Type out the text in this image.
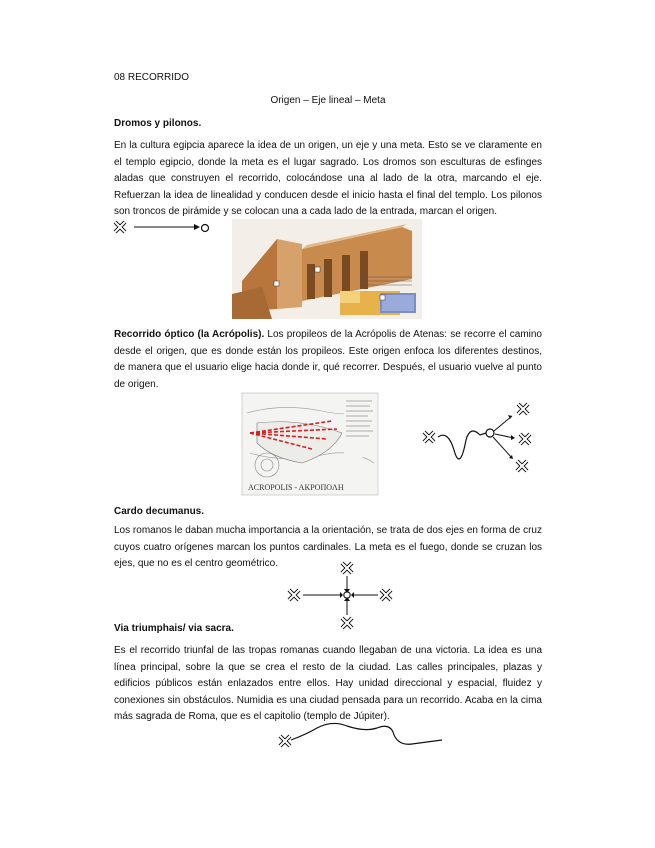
08 RECORRIDO
Origen – Eje lineal – Meta
Dromos y pilonos.
En la cultura egipcia aparece la idea de un origen, un eje y una meta. Esto se ve claramente en el templo egipcio, donde la meta es el lugar sagrado. Los dromos son esculturas de esfinges aladas que construyen el recorrido, colocándose una al lado de la otra, marcando el eje. Refuerzan la idea de linealidad y conducen desde el inicio hasta el final del templo. Los pilonos son troncos de pirámide y se colocan una a cada lado de la entrada, marcan el origen.
Recorrido óptico (la Acrópolis). Los propileos de la Acrópolis de Atenas: se recorre el camino desde el origen, que es donde están los propileos. Este origen enfoca los diferentes destinos, de manera que el usuario elige hacia donde ir, qué recorrer. Después, el usuario vuelve al punto de origen.
ACROPOLIS - AKPOΠOΛH
Cardo decumanus.
Los romanos le daban mucha importancia a la orientación, se trata de dos ejes en forma de cruz cuyos cuatro orígenes marcan los puntos cardinales. La meta es el fuego, donde se cruzan los ejes, que no es el centro geométrico.
Via triumphais/ via sacra.
Es el recorrido triunfal de las tropas romanas cuando llegaban de una victoria. La idea es una línea principal, sobre la que se crea el resto de la ciudad. Las calles principales, plazas y edificios públicos están enlazados entre ellos. Hay unidad direccional y espacial, fluidez y conexiones sin obstáculos. Numidia es una ciudad pensada para un recorrido. Acaba en la cima más sagrada de Roma, que es el capitolio (templo de Júpiter).
